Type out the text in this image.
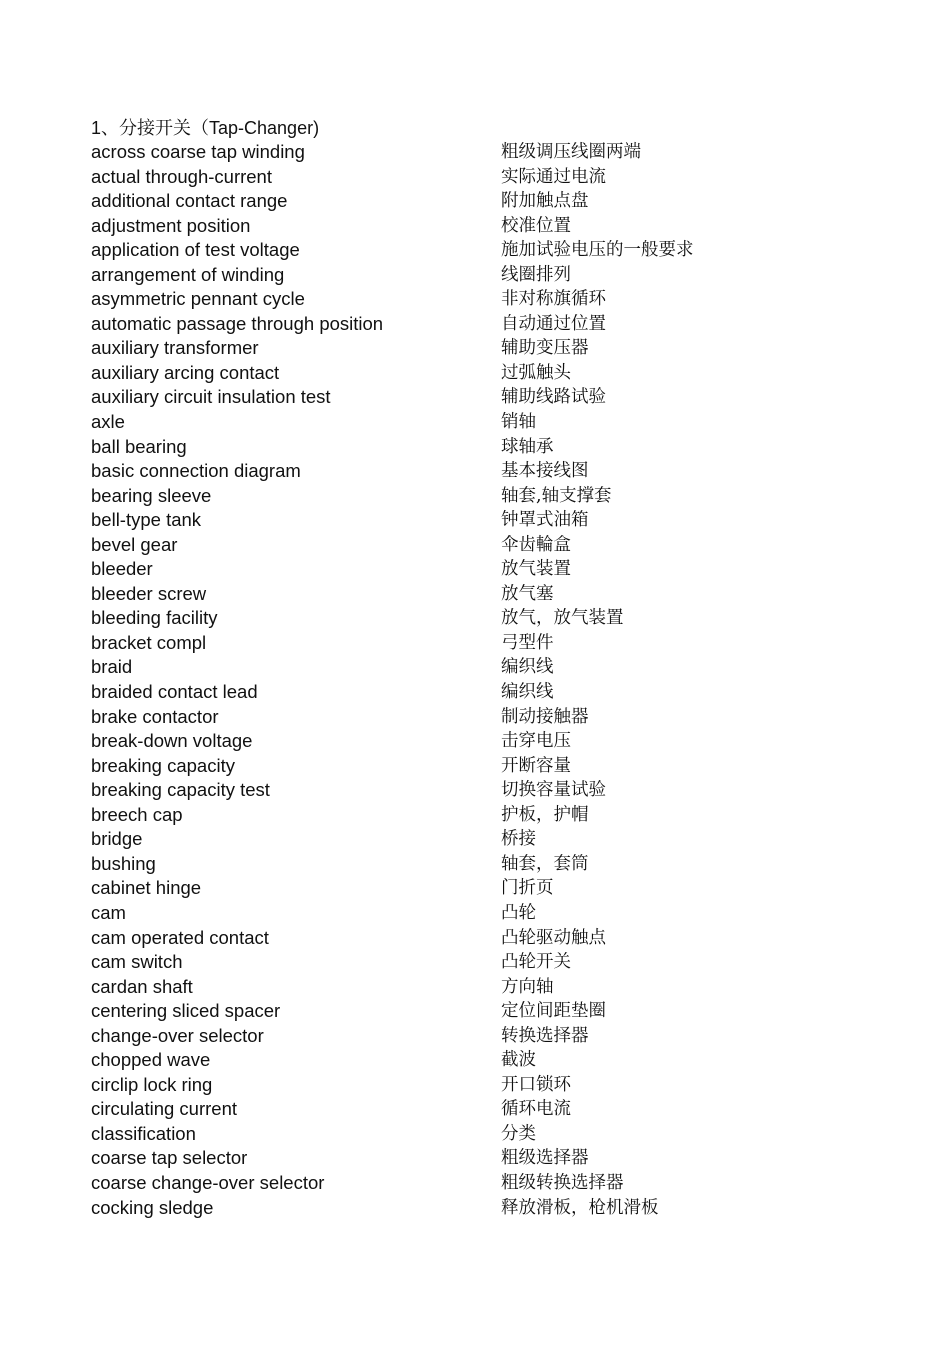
1、分接开关（Tap-Changer)
across coarse tap winding	粗级调压线圈两端
actual through-current	实际通过电流
additional contact range	附加触点盘
adjustment position	校准位置
application of test voltage	施加试验电压的一般要求
arrangement of winding	线圈排列
asymmetric pennant cycle	非对称旗循环
automatic passage through position	自动通过位置
auxiliary transformer	辅助变压器
auxiliary arcing contact	过弧触头
auxiliary circuit insulation test	辅助线路试验
axle	销轴
ball bearing	球轴承
basic connection diagram	基本接线图
bearing sleeve	轴套,轴支撑套
bell-type tank	钟罩式油箱
bevel gear	伞齿輪盒
bleeder	放气装置
bleeder screw	放气塞
bleeding facility	放气，放气装置
bracket compl	弓型件
braid	编织线
braided contact lead	编织线
brake contactor	制动接触器
break-down voltage	击穿电压
breaking capacity	开断容量
breaking capacity test	切换容量试验
breech cap	护板，护帽
bridge	桥接
bushing	轴套，套筒
cabinet hinge	门折页
cam	凸轮
cam operated contact	凸轮驱动触点
cam switch	凸轮开关
cardan shaft	方向轴
centering sliced spacer	定位间距垫圈
change-over selector	转换选择器
chopped wave	截波
circlip lock ring	开口锁环
circulating current	循环电流
classification	分类
coarse tap selector	粗级选择器
coarse change-over selector	粗级转换选择器
cocking sledge	释放滑板，枪机滑板
